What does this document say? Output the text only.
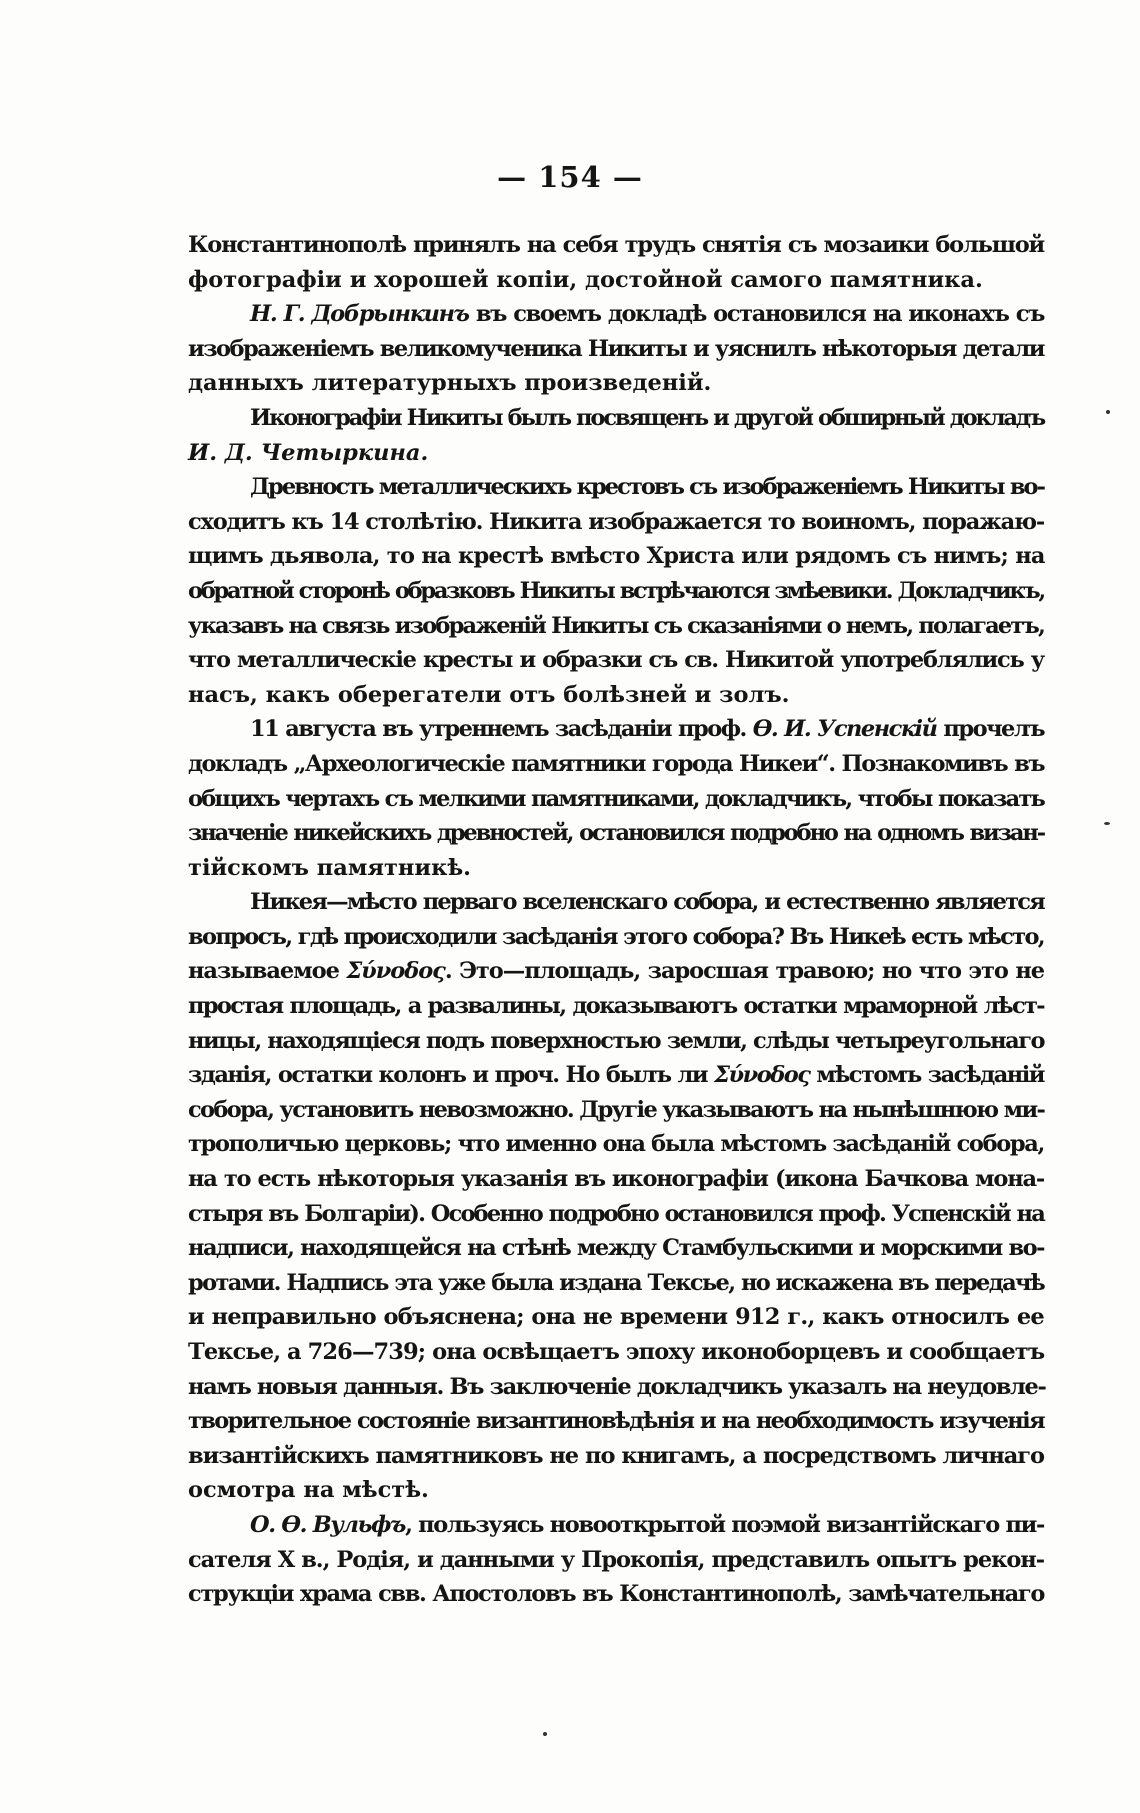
— 154 —
Константинополѣ принялъ на себя трудъ снятія съ мозаики большой
фотографіи и хорошей копіи, достойной самого памятника.
Н. Г. Добрынкинъ въ своемъ докладѣ остановился на иконахъ съ
изображеніемъ великомученика Никиты и уяснилъ нѣкоторыя детали
данныхъ литературныхъ произведеній.
Иконографіи Никиты былъ посвященъ и другой обширный докладъ
И. Д. Четыркина.
Древность металлическихъ крестовъ съ изображеніемъ Никиты во-
сходитъ къ 14 столѣтію. Никита изображается то воиномъ, поражаю-
щимъ дьявола, то на крестѣ вмѣсто Христа или рядомъ съ нимъ; на
обратной сторонѣ образковъ Никиты встрѣчаются змѣевики. Докладчикъ,
указавъ на связь изображеній Никиты съ сказаніями о немъ, полагаетъ,
что металлическіе кресты и образки съ св. Никитой употреблялись у
насъ, какъ оберегатели отъ болѣзней и золъ.
11 августа въ утреннемъ засѣданіи проф. Ѳ. И. Успенскій прочелъ
докладъ „Археологическіе памятники города Никеи“. Познакомивъ въ
общихъ чертахъ съ мелкими памятниками, докладчикъ, чтобы показать
значеніе никейскихъ древностей, остановился подробно на одномъ визан-
тійскомъ памятникѣ.
Никея—мѣсто перваго вселенскаго собора, и естественно является
вопросъ, гдѣ происходили засѣданія этого собора? Въ Никеѣ есть мѣсто,
называемое Σύνοδος. Это—площадь, заросшая травою; но что это не
простая площадь, а развалины, доказываютъ остатки мраморной лѣст-
ницы, находящіеся подъ поверхностью земли, слѣды четыреугольнаго
зданія, остатки колонъ и проч. Но былъ ли Σύνοδος мѣстомъ засѣданій
собора, установить невозможно. Другіе указываютъ на нынѣшнюю ми-
трополичью церковь; что именно она была мѣстомъ засѣданій собора,
на то есть нѣкоторыя указанія въ иконографіи (икона Бачкова мона-
стыря въ Болгаріи). Особенно подробно остановился проф. Успенскій на
надписи, находящейся на стѣнѣ между Стамбульскими и морскими во-
ротами. Надпись эта уже была издана Тексье, но искажена въ передачѣ
и неправильно объяснена; она не времени 912 г., какъ относилъ ее
Тексье, а 726—739; она освѣщаетъ эпоху иконоборцевъ и сообщаетъ
намъ новыя данныя. Въ заключеніе докладчикъ указалъ на неудовле-
творительное состояніе византиновѣдѣнія и на необходимость изученія
византійскихъ памятниковъ не по книгамъ, а посредствомъ личнаго
осмотра на мѣстѣ.
О. Ѳ. Вульфъ, пользуясь новооткрытой поэмой византійскаго пи-
сателя X в., Родія, и данными у Прокопія, представилъ опытъ рекон-
струкціи храма свв. Апостоловъ въ Константинополѣ, замѣчательнаго
